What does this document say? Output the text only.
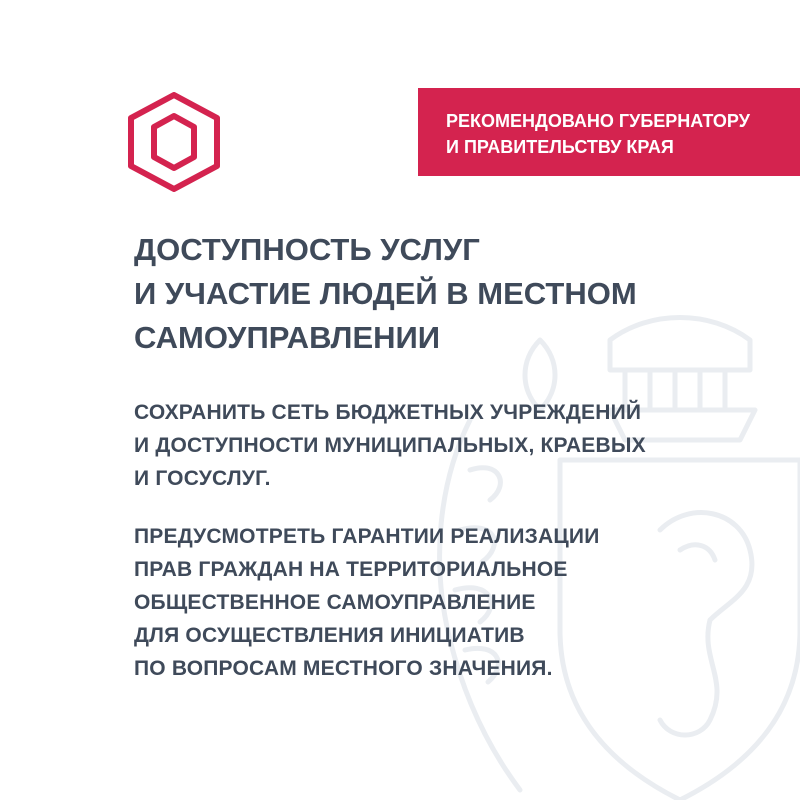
РЕКОМЕНДОВАНО ГУБЕРНАТОРУ
И ПРАВИТЕЛЬСТВУ КРАЯ
ДОСТУПНОСТЬ УСЛУГ
И УЧАСТИЕ ЛЮДЕЙ В МЕСТНОМ
САМОУПРАВЛЕНИИ

СОХРАНИТЬ СЕТЬ БЮДЖЕТНЫХ УЧРЕЖДЕНИЙ
И ДОСТУПНОСТИ МУНИЦИПАЛЬНЫХ, КРАЕВЫХ
И ГОСУСЛУГ.

ПРЕДУСМОТРЕТЬ ГАРАНТИИ РЕАЛИЗАЦИИ
ПРАВ ГРАЖДАН НА ТЕРРИТОРИАЛЬНОЕ
ОБЩЕСТВЕННОЕ САМОУПРАВЛЕНИЕ
ДЛЯ ОСУЩЕСТВЛЕНИЯ ИНИЦИАТИВ
ПО ВОПРОСАМ МЕСТНОГО ЗНАЧЕНИЯ.
